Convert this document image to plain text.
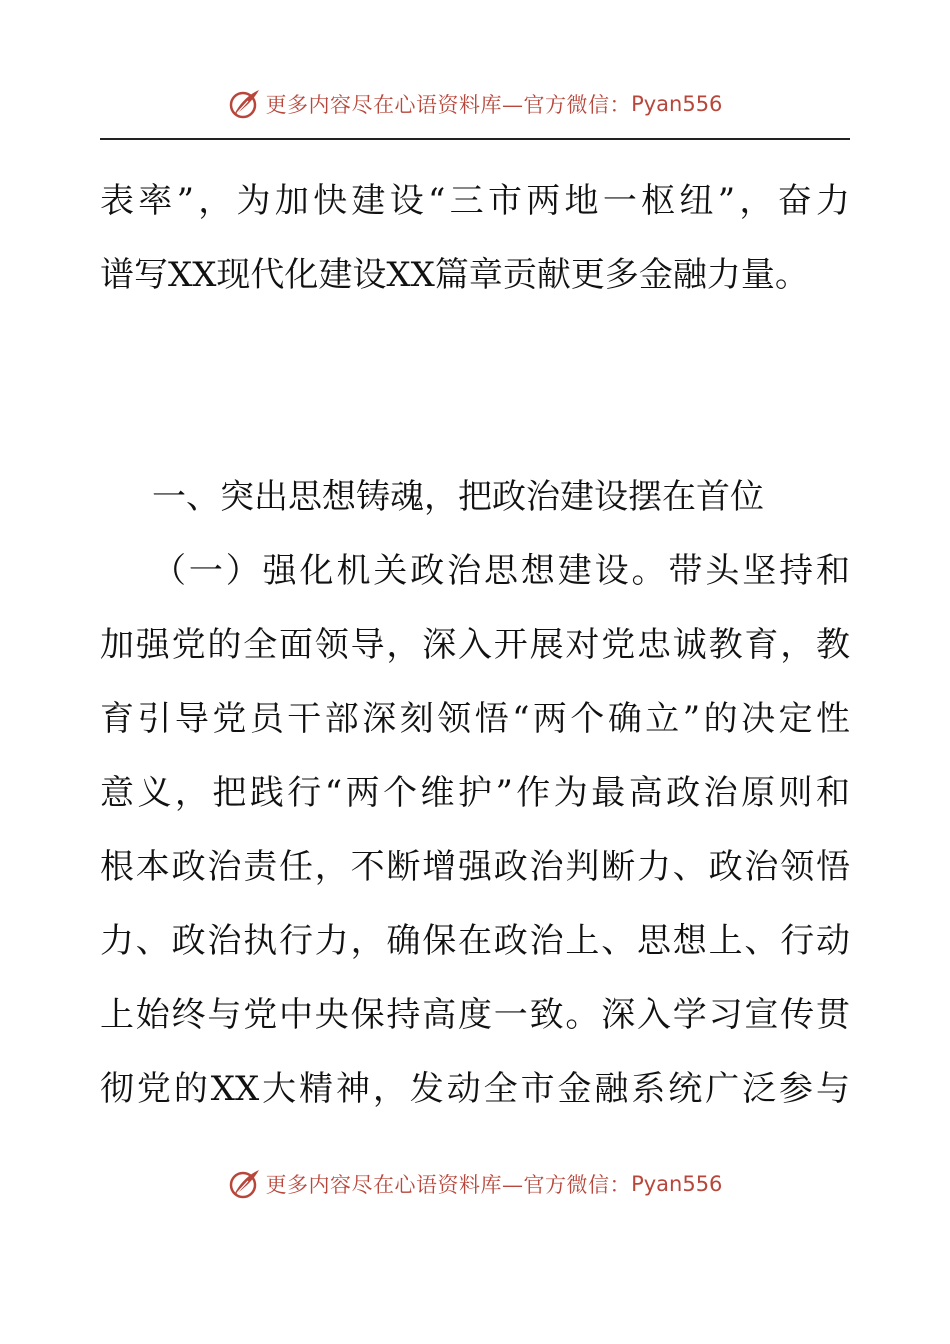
更多内容尽在心语资料库—官方微信： Pyan556
表率”，为加快建设“三市两地一枢纽”，奋力
谱写XX现代化建设XX篇章贡献更多金融力量。
一、突出思想铸魂，把政治建设摆在首位
（一）强化机关政治思想建设。带头坚持和
加强党的全面领导，深入开展对党忠诚教育，教
育引导党员干部深刻领悟“两个确立”的决定性
意义，把践行“两个维护”作为最高政治原则和
根本政治责任，不断增强政治判断力、政治领悟
力、政治执行力，确保在政治上、思想上、行动
上始终与党中央保持高度一致。深入学习宣传贯
彻党的XX大精神，发动全市金融系统广泛参与
更多内容尽在心语资料库—官方微信： Pyan556
